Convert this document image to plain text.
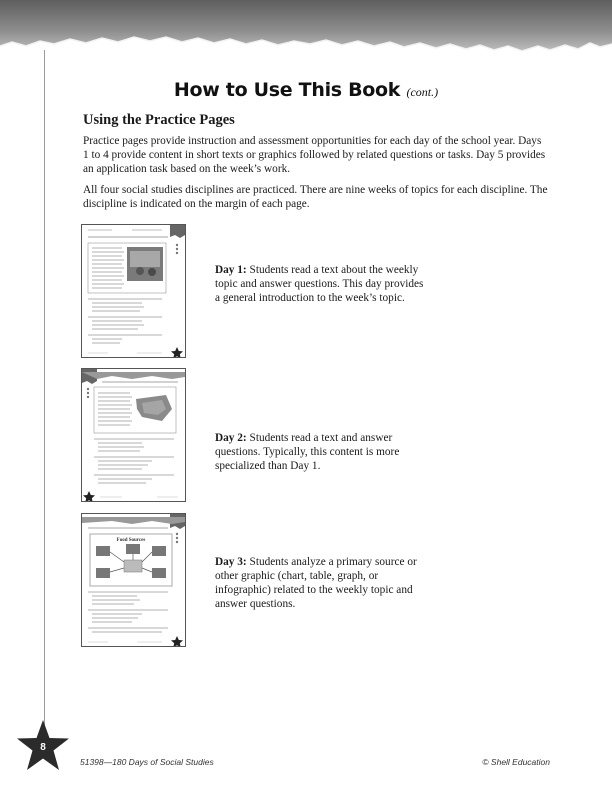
How to Use This Book (cont.)
Using the Practice Pages
Practice pages provide instruction and assessment opportunities for each day of the school year. Days 1 to 4 provide content in short texts or graphics followed by related questions or tasks. Day 5 provides an application task based on the week’s work.
All four social studies disciplines are practiced. There are nine weeks of topics for each discipline. The discipline is indicated on the margin of each page.
Food Sources
Day 1: Students read a text about the weekly topic and answer questions. This day provides a general introduction to the week’s topic.
Day 2: Students read a text and answer questions. Typically, this content is more specialized than Day 1.
Day 3: Students analyze a primary source or other graphic (chart, table, graph, or infographic) related to the weekly topic and answer questions.
8
51398—180 Days of Social Studies	© Shell Education
